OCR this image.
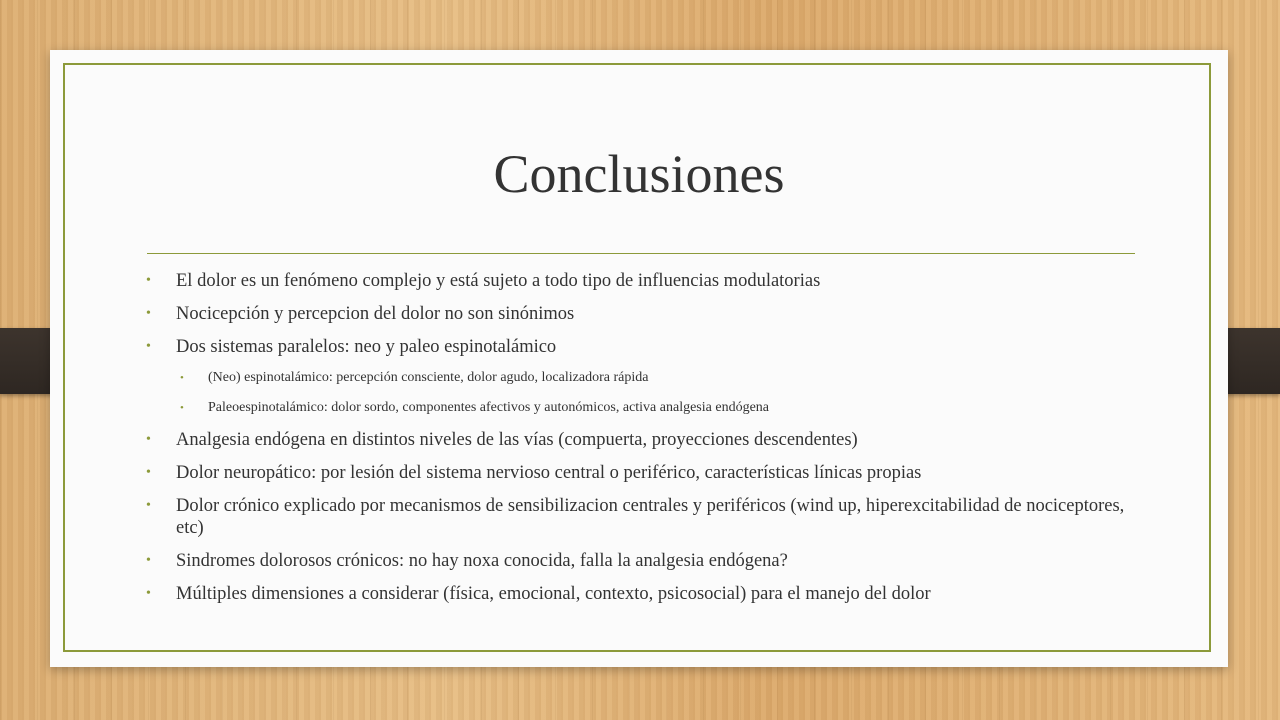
Conclusiones
• El dolor es un fenómeno complejo y está sujeto a todo tipo de influencias modulatorias
• Nocicepción y percepcion del dolor no son sinónimos
• Dos sistemas paralelos: neo y paleo espinotalámico
• (Neo) espinotalámico: percepción consciente, dolor agudo, localizadora rápida
• Paleoespinotalámico: dolor sordo, componentes afectivos y autonómicos, activa analgesia endógena
• Analgesia endógena en distintos niveles de las vías (compuerta, proyecciones descendentes)
• Dolor neuropático: por lesión del sistema nervioso central o periférico, características línicas propias
• Dolor crónico explicado por mecanismos de sensibilizacion centrales y periféricos (wind up, hiperexcitabilidad de nociceptores, etc)
• Sindromes dolorosos crónicos: no hay noxa conocida, falla la analgesia endógena?
• Múltiples dimensiones a considerar (física, emocional, contexto, psicosocial) para el manejo del dolor
